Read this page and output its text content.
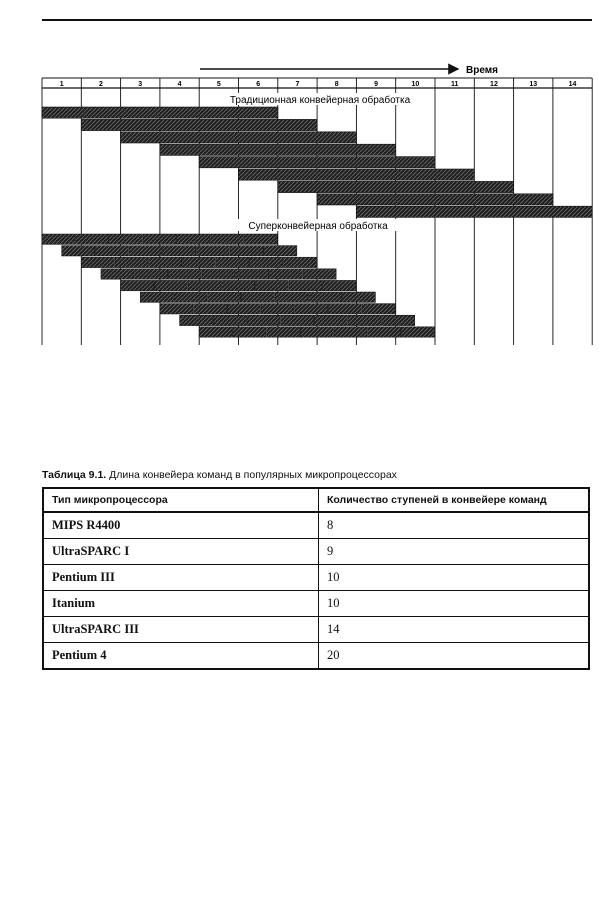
1	2	3	4	5	6	7	8	9	10	11	12	13	14
Время
Традиционная конвейерная обработка
Суперконвейерная обработка
Таблица 9.1. Длина конвейера команд в популярных микропроцессорах
Тип микропроцессора	Количество ступеней в конвейере команд
MIPS R4400	8
UltraSPARC I	9
Pentium III	10
Itanium	10
UltraSPARC III	14
Pentium 4	20
